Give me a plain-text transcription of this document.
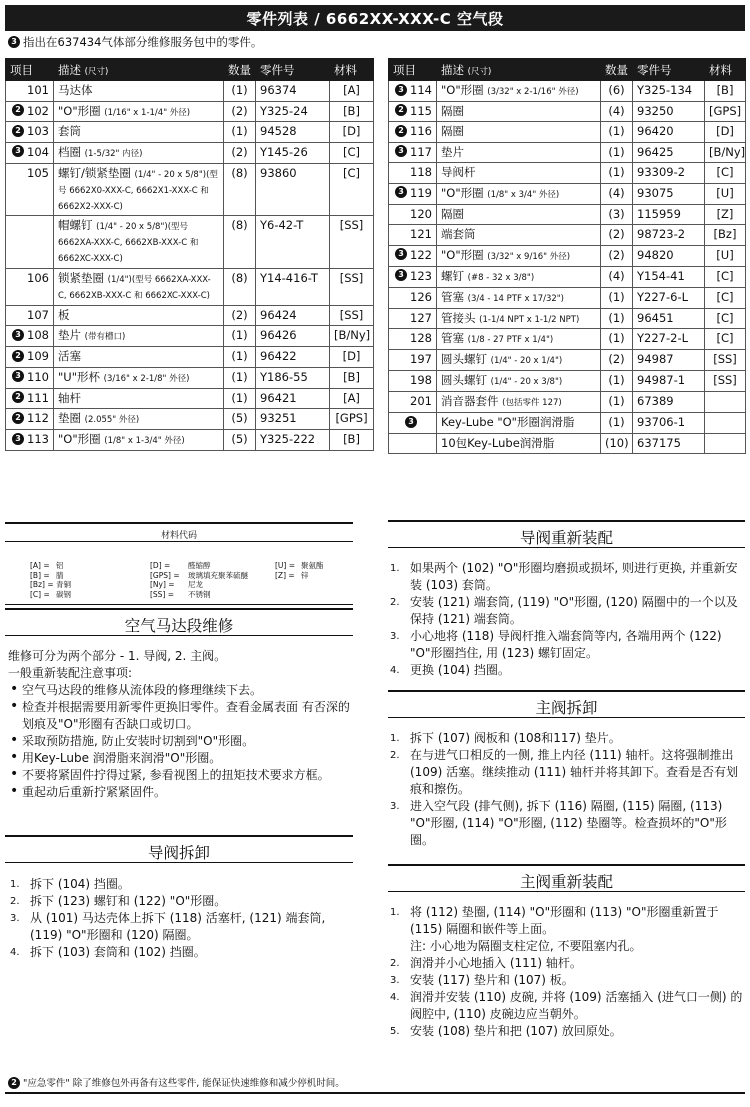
零件列表 / 6662XX-XXX-C 空气段
3 指出在637434气体部分维修服务包中的零件。
项目	描述 (尺寸)	数量	零件号	材料
101	马达体	(1)	96374	[A]
2 102	"O"形圈 (1/16" x 1-1/4" 外径)	(2)	Y325-24	[B]
2 103	套筒	(1)	94528	[D]
3 104	档圈 (1-5/32" 内径)	(2)	Y145-26	[C]
105	螺钉/锁紧垫圈 (1/4" - 20 x 5/8")(型号 6662X0-XXX-C, 6662X1-XXX-C 和 6662X2-XXX-C)	(8)	93860	[C]
	帽螺钉 (1/4" - 20 x 5/8")(型号 6662XA-XXX-C, 6662XB-XXX-C 和 6662XC-XXX-C)	(8)	Y6-42-T	[SS]
106	锁紧垫圈 (1/4")(型号 6662XA-XXX-C, 6662XB-XXX-C 和 6662XC-XXX-C)	(8)	Y14-416-T	[SS]
107	板	(2)	96424	[SS]
3 108	垫片 (带有槽口)	(1)	96426	[B/Ny]
2 109	活塞	(1)	96422	[D]
3 110	"U"形杯 (3/16" x 2-1/8" 外径)	(1)	Y186-55	[B]
2 111	轴杆	(1)	96421	[A]
2 112	垫圈 (2.055" 外径)	(5)	93251	[GPS]
3 113	"O"形圈 (1/8" x 1-3/4" 外径)	(5)	Y325-222	[B]
项目	描述 (尺寸)	数量	零件号	材料
3 114	"O"形圈 (3/32" x 2-1/16" 外径)	(6)	Y325-134	[B]
2 115	隔圈	(4)	93250	[GPS]
2 116	隔圈	(1)	96420	[D]
3 117	垫片	(1)	96425	[B/Ny]
118	导阀杆	(1)	93309-2	[C]
3 119	"O"形圈 (1/8" x 3/4" 外径)	(4)	93075	[U]
120	隔圈	(3)	115959	[Z]
121	端套筒	(2)	98723-2	[Bz]
3 122	"O"形圈 (3/32" x 9/16" 外径)	(2)	94820	[U]
3 123	螺钉 (#8 - 32 x 3/8")	(4)	Y154-41	[C]
126	管塞 (3/4 - 14 PTF x 17/32")	(1)	Y227-6-L	[C]
127	管接头 (1-1/4 NPT x 1-1/2 NPT)	(1)	96451	[C]
128	管塞 (1/8 - 27 PTF x 1/4")	(1)	Y227-2-L	[C]
197	圆头螺钉 (1/4" - 20 x 1/4")	(2)	94987	[SS]
198	圆头螺钉 (1/4" - 20 x 3/8")	(1)	94987-1	[SS]
201	消音器套件 (包括零件 127)	(1)	67389	
3	Key-Lube "O"形圈润滑脂	(1)	93706-1	
	10包Key-Lube润滑脂	(10)	637175	
材料代码
[A] = 铝
[B] = 腈
[Bz] = 青铜
[C] = 碳钢
[D] = 醛缩醇
[GPS] = 玻璃填充聚苯硫醚
[Ny] = 尼龙
[SS] = 不锈钢
[U] = 聚氨酯
[Z] = 锌
空气马达段维修
维修可分为两个部分 - 1. 导阀, 2. 主阀。
一般重新装配注意事项:
• 空气马达段的维修从流体段的修理继续下去。
• 检查并根据需要用新零件更换旧零件。查看金属表面 有否深的划痕及"O"形圈有否缺口或切口。
• 采取预防措施, 防止安装时切割到"O"形圈。
• 用Key-Lube 润滑脂来润滑"O"形圈。
• 不要将紧固件拧得过紧, 参看视图上的扭矩技术要求方框。
• 重起动后重新拧紧紧固件。
导阀拆卸
1. 拆下 (104) 挡圈。
2. 拆下 (123) 螺钉和 (122) "O"形圈。
3. 从 (101) 马达壳体上拆下 (118) 活塞杆, (121) 端套筒, (119) "O"形圈和 (120) 隔圈。
4. 拆下 (103) 套筒和 (102) 挡圈。
导阀重新装配
1. 如果两个 (102) "O"形圈均磨损或损坏, 则进行更换, 并重新安装 (103) 套筒。
2. 安装 (121) 端套筒, (119) "O"形圈, (120) 隔圈中的一个以及保持 (121) 端套筒。
3. 小心地将 (118) 导阀杆推入端套筒等内, 各端用两个 (122) "O"形圈挡住, 用 (123) 螺钉固定。
4. 更换 (104) 挡圈。
主阀拆卸
1. 拆下 (107) 阀板和 (108和117) 垫片。
2. 在与进气口相反的一侧, 推上内径 (111) 轴杆。这将强制推出 (109) 活塞。继续推动 (111) 轴杆并将其卸下。查看是否有划痕和擦伤。
3. 进入空气段 (排气侧), 拆下 (116) 隔圈, (115) 隔圈, (113) "O"形圈, (114) "O"形圈, (112) 垫圈等。检查损坏的"O"形圈。
主阀重新装配
1. 将 (112) 垫圈, (114) "O"形圈和 (113) "O"形圈重新置于 (115) 隔圈和嵌件等上面。
注: 小心地为隔圈支柱定位, 不要阻塞内孔。
2. 润滑并小心地插入 (111) 轴杆。
3. 安装 (117) 垫片和 (107) 板。
4. 润滑并安装 (110) 皮碗, 并将 (109) 活塞插入 (进气口一侧) 的阀腔中, (110) 皮碗边应当朝外。
5. 安装 (108) 垫片和把 (107) 放回原处。
2 "应急零件" 除了维修包外再备有这些零件, 能保证快速维修和减少停机时间。
